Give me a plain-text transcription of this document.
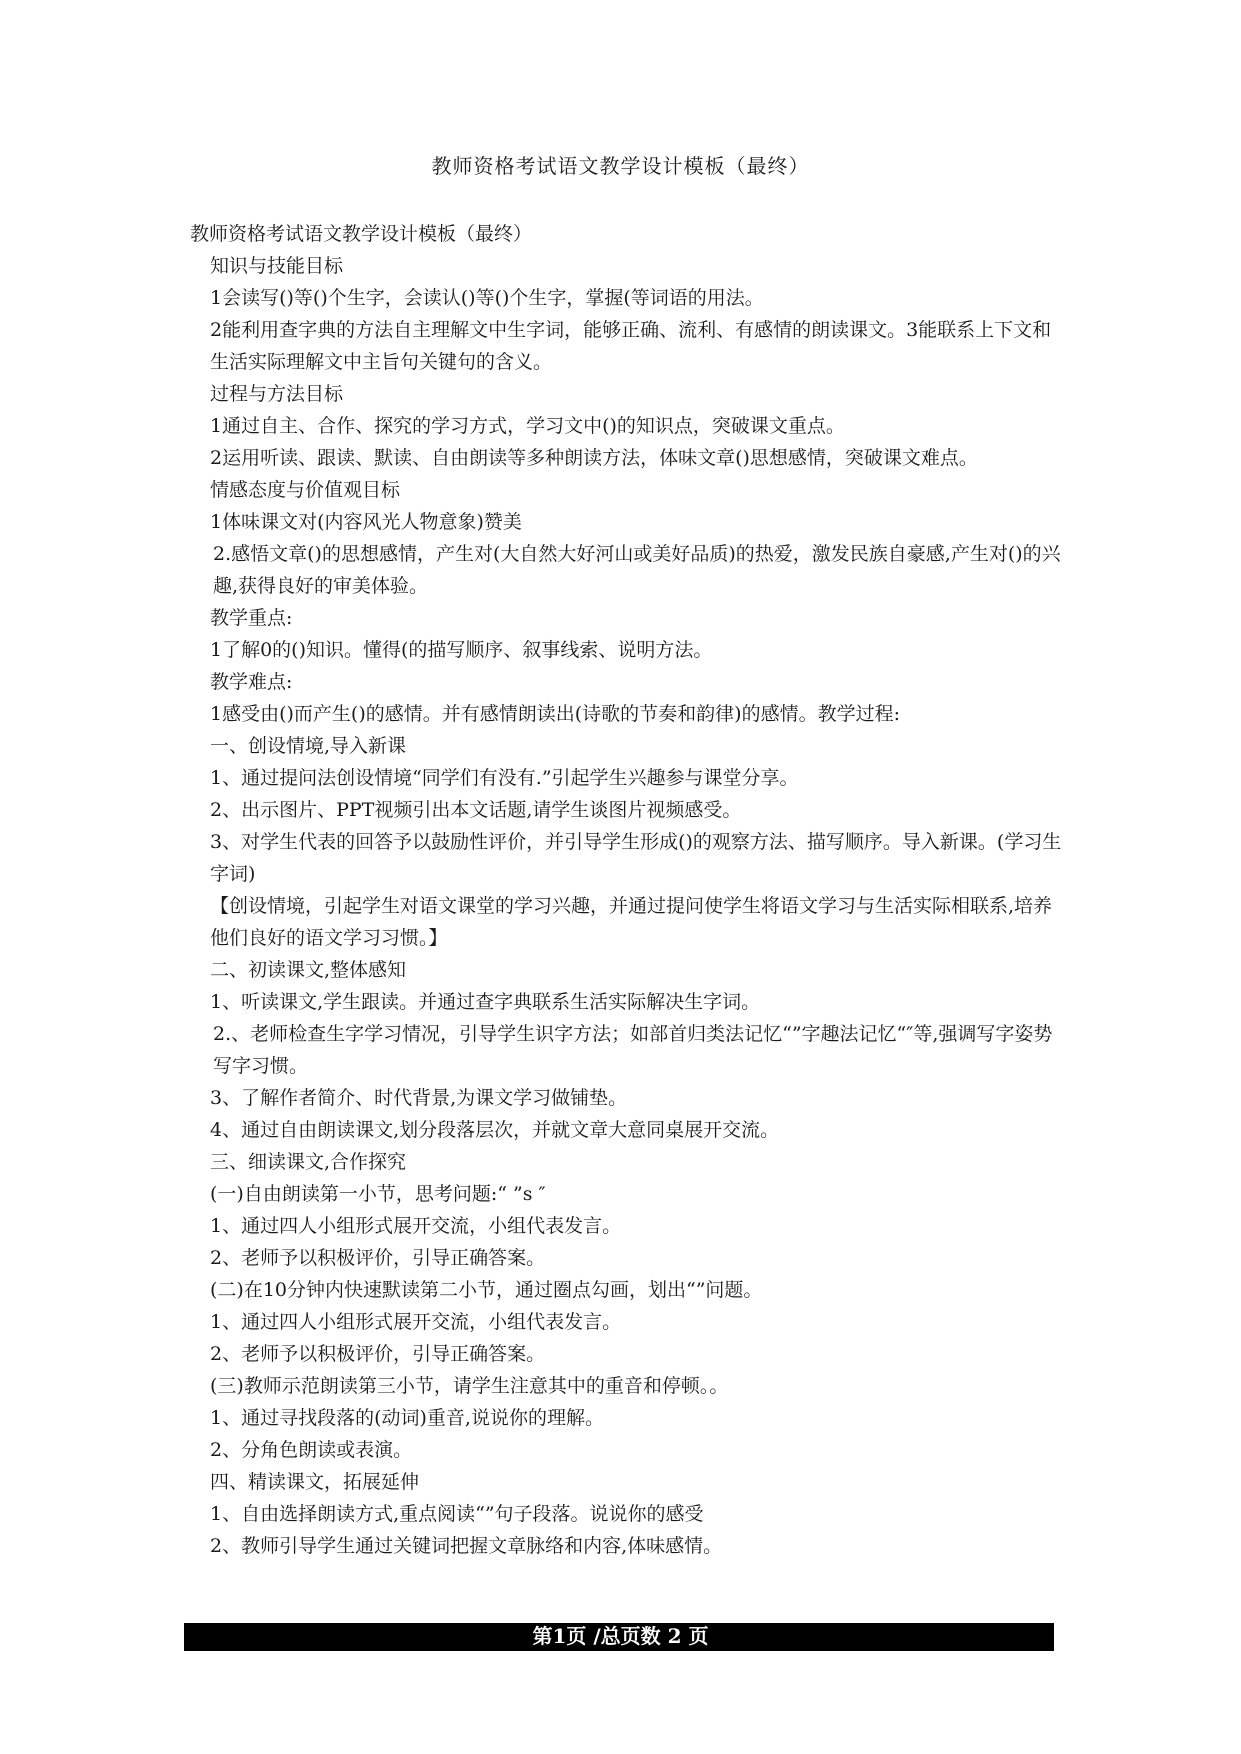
教师资格考试语文教学设计模板（最终）

教师资格考试语文教学设计模板（最终）

知识与技能目标

1会读写()等()个生字，会读认()等()个生字，掌握(等词语的用法。

2能利用查字典的方法自主理解文中生字词，能够正确、流利、有感情的朗读课文。3能联系上下文和生活实际理解文中主旨句关键句的含义。

过程与方法目标

1通过自主、合作、探究的学习方式，学习文中()的知识点，突破课文重点。

2运用听读、跟读、默读、自由朗读等多种朗读方法，体味文章()思想感情，突破课文难点。

情感态度与价值观目标

1体味课文对(内容风光人物意象)赞美

2.感悟文章()的思想感情，产生对(大自然大好河山或美好品质)的热爱，激发民族自豪感,产生对()的兴趣,获得良好的审美体验。

教学重点:

1了解0的()知识。懂得(的描写顺序、叙事线索、说明方法。

教学难点:

1感受由()而产生()的感情。并有感情朗读出(诗歌的节奏和韵律)的感情。教学过程:

一、创设情境,导入新课

1、通过提问法创设情境“同学们有没有.”引起学生兴趣参与课堂分享。

2、出示图片、PPT视频引出本文话题,请学生谈图片视频感受。

3、对学生代表的回答予以鼓励性评价，并引导学生形成()的观察方法、描写顺序。导入新课。(学习生字词)

【创设情境，引起学生对语文课堂的学习兴趣，并通过提问使学生将语文学习与生活实际相联系,培养他们良好的语文学习习惯。】

二、初读课文,整体感知

1、听读课文,学生跟读。并通过查字典联系生活实际解决生字词。

2.、老师检查生字学习情况，引导学生识字方法；如部首归类法记忆“”字趣法记忆“″等,强调写字姿势写字习惯。

3、了解作者简介、时代背景,为课文学习做铺垫。

4、通过自由朗读课文,划分段落层次，并就文章大意同桌展开交流。

三、细读课文,合作探究

(一)自由朗读第一小节，思考问题:“ ”s ″

1、通过四人小组形式展开交流，小组代表发言。

2、老师予以积极评价，引导正确答案。

(二)在10分钟内快速默读第二小节，通过圈点勾画，划出“”问题。

1、通过四人小组形式展开交流，小组代表发言。

2、老师予以积极评价，引导正确答案。

(三)教师示范朗读第三小节，请学生注意其中的重音和停顿。。

1、通过寻找段落的(动词)重音,说说你的理解。

2、分角色朗读或表演。

四、精读课文，拓展延伸

1、自由选择朗读方式,重点阅读“”句子段落。说说你的感受

2、教师引导学生通过关键词把握文章脉络和内容,体味感情。

第1页 /总页数 2 页
